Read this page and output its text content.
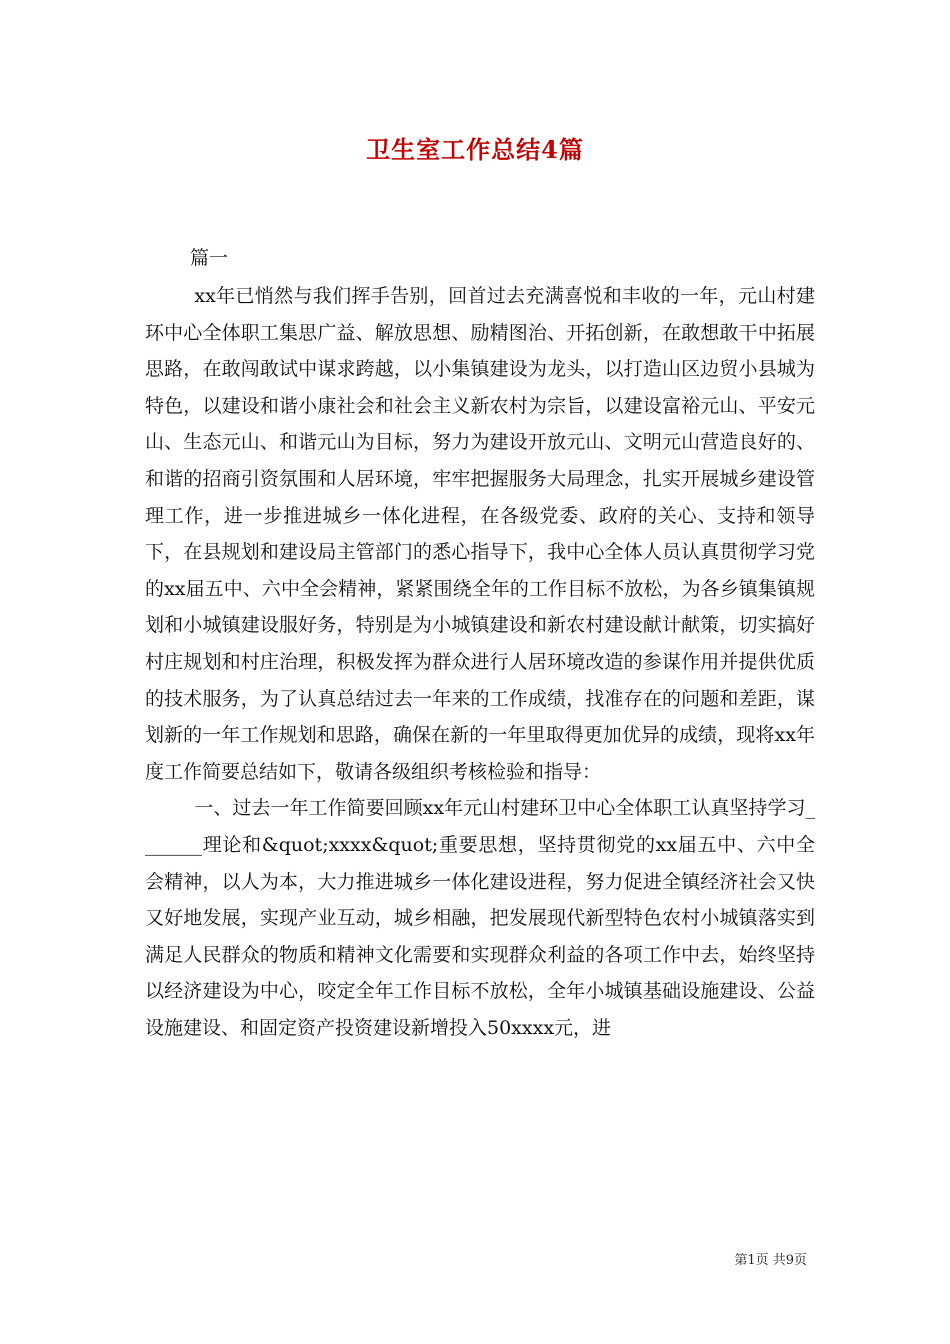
卫生室工作总结4篇
篇一

xx年已悄然与我们挥手告别，回首过去充满喜悦和丰收的一年，元山村建环中心全体职工集思广益、解放思想、励精图治、开拓创新，在敢想敢干中拓展思路，在敢闯敢试中谋求跨越，以小集镇建设为龙头，以打造山区边贸小县城为特色，以建设和谐小康社会和社会主义新农村为宗旨，以建设富裕元山、平安元山、生态元山、和谐元山为目标，努力为建设开放元山、文明元山营造良好的、和谐的招商引资氛围和人居环境，牢牢把握服务大局理念，扎实开展城乡建设管理工作，进一步推进城乡一体化进程，在各级党委、政府的关心、支持和领导下，在县规划和建设局主管部门的悉心指导下，我中心全体人员认真贯彻学习党的xx届五中、六中全会精神，紧紧围绕全年的工作目标不放松，为各乡镇集镇规划和小城镇建设服好务，特别是为小城镇建设和新农村建设献计献策，切实搞好村庄规划和村庄治理，积极发挥为群众进行人居环境改造的参谋作用并提供优质的技术服务，为了认真总结过去一年来的工作成绩，找准存在的问题和差距，谋划新的一年工作规划和思路，确保在新的一年里取得更加优异的成绩，现将xx年度工作简要总结如下，敬请各级组织考核检验和指导：

一、过去一年工作简要回顾xx年元山村建环卫中心全体职工认真坚持学习_______理论和&quot;xxxx&quot;重要思想，坚持贯彻党的xx届五中、六中全会精神，以人为本，大力推进城乡一体化建设进程，努力促进全镇经济社会又快又好地发展，实现产业互动，城乡相融，把发展现代新型特色农村小城镇落实到满足人民群众的物质和精神文化需要和实现群众利益的各项工作中去，始终坚持以经济建设为中心，咬定全年工作目标不放松，全年小城镇基础设施建设、公益设施建设、和固定资产投资建设新增投入50xxxx元，进

第1页 共9页
